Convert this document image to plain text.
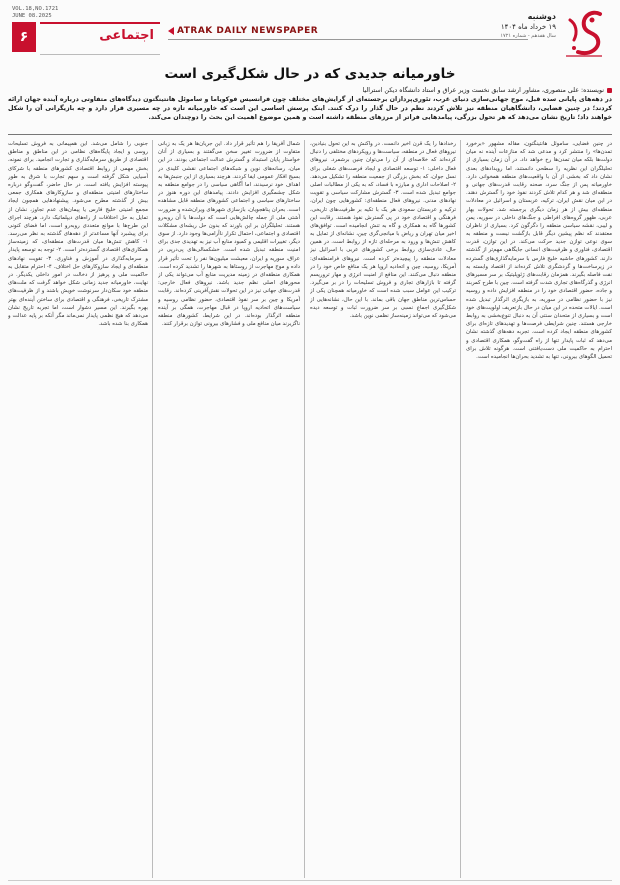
VOL.18,NO.1721
JUNE 08.2025
۶	اجتماعی	ATRAK DAILY NEWSPAPER
دوشنبه
۱۹ خرداد ماه ۱۴۰۴
سال هفدهم - شماره ۱۷۲۱
خاورمیانه جدیدی که در حال شکل‌گیری است
نویسنده: علی منصوری، مشاور ارشد سابق نخست وزیر عراق و استاد دانشگاه دیکن استرالیا
در دهه‌های پایانی سده قبل، موج جهانی‌سازی دنیای غرب، تئوری‌پردازان برجسته‌ای از گرایش‌های مختلف چون فرانسیس فوکویاما و ساموئل هانتینگتون دیدگاه‌های متفاوتی درباره آینده جهان ارائه کردند؛ در چنین فضایی، دانشگاهیان منطقه نیز تلاش کردند نظم در حال گذار را درک کنند. اینک پرسش اساسی این است که خاورمیانه تازه در چه مسیری قرار دارد و چه بازیگرانی آن را شکل خواهند داد؛ تاریخ نشان می‌دهد که هر تحول بزرگی، پیامدهایی فراتر از مرزهای منطقه داشته است و همین موضوع اهمیت این بحث را دوچندان می‌کند.

در چنین فضایی، ساموئل هانتینگتون، مقاله مشهور «برخورد تمدن‌ها» را منتشر کرد و مدعی شد که منازعات آینده نه میان دولت‌ها بلکه میان تمدن‌ها رخ خواهد داد. در آن زمان بسیاری از تحلیلگران این نظریه را سطحی دانستند، اما رویدادهای بعدی نشان داد که بخشی از آن با واقعیت‌های منطقه همخوانی دارد. خاورمیانه پس از جنگ سرد، صحنه رقابت قدرت‌های جهانی و منطقه‌ای شد و هر کدام تلاش کردند نفوذ خود را گسترش دهند. در این میان نقش ایران، ترکیه، عربستان و اسرائیل در معادلات منطقه‌ای بیش از هر زمان دیگری برجسته شد. تحولات بهار عربی، ظهور گروه‌های افراطی و جنگ‌های داخلی در سوریه، یمن و لیبی، نقشه سیاسی منطقه را دگرگون کرد. بسیاری از ناظران معتقدند که نظم پیشین دیگر قابل بازگشت نیست و منطقه به سوی نوعی توازن جدید حرکت می‌کند. در این توازن، قدرت اقتصادی، فناوری و ظرفیت‌های انسانی جایگاهی مهم‌تر از گذشته دارند. کشورهای حاشیه خلیج فارس با سرمایه‌گذاری‌های گسترده در زیرساخت‌ها و گردشگری تلاش کرده‌اند از اقتصاد وابسته به نفت فاصله بگیرند. همزمان رقابت‌های ژئوپلیتیک بر سر مسیرهای انرژی و گذرگاه‌های تجاری شدت گرفته است. چین با طرح کمربند و جاده، حضور اقتصادی خود را در منطقه افزایش داده و روسیه نیز با حضور نظامی در سوریه، به بازیگری اثرگذار تبدیل شده است. ایالات متحده در این میان در حال بازتعریف اولویت‌های خود است و بسیاری از متحدان سنتی آن به دنبال تنوع‌بخشی به روابط خارجی هستند. چنین شرایطی فرصت‌ها و تهدیدهای تازه‌ای برای کشورهای منطقه ایجاد کرده است. تجربه دهه‌های گذشته نشان می‌دهد که ثبات پایدار تنها از راه گفت‌وگو، همکاری اقتصادی و احترام به حاکمیت ملی دست‌یافتنی است. هرگونه تلاش برای تحمیل الگوهای بیرونی، تنها به تشدید بحران‌ها انجامیده است.

رخدادها را یک قرن اخیر دانست. در واکنش به این تحول بنیادین، نیروهای فعال در منطقه، سیاست‌ها و رویکردهای مختلفی را دنبال کرده‌اند که خلاصه‌ای از آن را می‌توان چنین برشمرد. نیروهای فعال داخلی: ۱- توسعه اقتصادی و ایجاد فرصت‌های شغلی برای نسل جوان، که بخش بزرگی از جمعیت منطقه را تشکیل می‌دهد. ۲- اصلاحات اداری و مبارزه با فساد، که به یکی از مطالبات اصلی جوامع تبدیل شده است. ۳- گسترش مشارکت سیاسی و تقویت نهادهای مدنی. نیروهای فعال منطقه‌ای: کشورهایی چون ایران، ترکیه و عربستان سعودی هر یک با تکیه بر ظرفیت‌های تاریخی، فرهنگی و اقتصادی خود در پی گسترش نفوذ هستند. رقابت این کشورها گاه به همکاری و گاه به تنش انجامیده است. توافق‌های اخیر میان تهران و ریاض با میانجی‌گری چین، نشانه‌ای از تمایل به کاهش تنش‌ها و ورود به مرحله‌ای تازه از روابط است. در همین حال، عادی‌سازی روابط برخی کشورهای عربی با اسرائیل نیز معادلات منطقه را پیچیده‌تر کرده است. نیروهای فرامنطقه‌ای: آمریکا، روسیه، چین و اتحادیه اروپا هر یک منافع خاص خود را در منطقه دنبال می‌کنند. این منافع از امنیت انرژی و مهار تروریسم گرفته تا بازارهای تجاری و فروش تسلیحات را در بر می‌گیرد. ترکیب این عوامل سبب شده است که خاورمیانه همچنان یکی از حساس‌ترین مناطق جهان باقی بماند. با این حال، نشانه‌هایی از شکل‌گیری اجماع نسبی بر سر ضرورت ثبات و توسعه دیده می‌شود که می‌تواند زمینه‌ساز نظمی نوین باشد.

شمال آفریقا را هم تأثیر قرار داد. این جریان‌ها هر یک به زبانی متفاوت از ضرورت تغییر سخن می‌گفتند و بسیاری از آنان خواستار پایان استبداد و گسترش عدالت اجتماعی بودند. در این میان، رسانه‌های نوین و شبکه‌های اجتماعی نقشی کلیدی در بسیج افکار عمومی ایفا کردند. هرچند بسیاری از این جنبش‌ها به اهداف خود نرسیدند، اما آگاهی سیاسی را در جوامع منطقه به شکل چشمگیری افزایش دادند. پیامدهای این دوره هنوز در ساختارهای سیاسی و اجتماعی کشورهای منطقه قابل مشاهده است. بحران پناهجویان، بازسازی شهرهای ویران‌شده و ضرورت آشتی ملی از جمله چالش‌هایی است که دولت‌ها با آن روبه‌رو هستند. تحلیلگران بر این باورند که بدون حل ریشه‌ای مشکلات اقتصادی و اجتماعی، احتمال تکرار ناآرامی‌ها وجود دارد. از سوی دیگر، تغییرات اقلیمی و کمبود منابع آب نیز به تهدیدی جدی برای امنیت منطقه تبدیل شده است. خشکسالی‌های پی‌درپی در عراق، سوریه و ایران، معیشت میلیون‌ها نفر را تحت تأثیر قرار داده و موج مهاجرت از روستاها به شهرها را تشدید کرده است. همکاری منطقه‌ای در زمینه مدیریت منابع آب می‌تواند یکی از محورهای اصلی نظم جدید باشد. نیروهای فعال خارجی: قدرت‌های جهانی نیز در این تحولات نقش‌آفرینی کرده‌اند. رقابت آمریکا و چین بر سر نفوذ اقتصادی، حضور نظامی روسیه و سیاست‌های اتحادیه اروپا در قبال مهاجرت، همگی بر آینده منطقه اثرگذار بوده‌اند. در این شرایط، کشورهای منطقه ناگزیرند میان منافع ملی و فشارهای بیرونی توازن برقرار کنند.

جنوبی را شامل می‌شد. این همپیمانی به فروش تسلیحات روسی و ایجاد پایگاه‌های نظامی در این مناطق و مناطق اقتصادی از طریق سرمایه‌گذاری و تجارت انجامید. برای نمونه، بخش مهمی از روابط اقتصادی کشورهای منطقه با شرکای آسیایی شکل گرفته است و سهم تجارت با شرق به طور پیوسته افزایش یافته است. در حال حاضر، گفت‌وگو درباره ساختارهای امنیتی منطقه‌ای و سازوکارهای همکاری جمعی بیش از گذشته مطرح می‌شود. پیشنهادهایی همچون ایجاد مجمع امنیتی خلیج فارس یا پیمان‌های عدم تجاوز، نشان از تمایل به حل اختلافات از راه‌های دیپلماتیک دارد. هرچند اجرای این طرح‌ها با موانع متعددی روبه‌رو است، اما فضای کنونی برای پیشبرد آنها مساعدتر از دهه‌های گذشته به نظر می‌رسد. ۱- کاهش تنش‌ها میان قدرت‌های منطقه‌ای، که زمینه‌ساز همکاری‌های اقتصادی گسترده‌تر است. ۲- توجه به توسعه پایدار و سرمایه‌گذاری در آموزش و فناوری. ۳- تقویت نهادهای منطقه‌ای و ایجاد سازوکارهای حل اختلاف. ۴- احترام متقابل به حاکمیت ملی و پرهیز از دخالت در امور داخلی یکدیگر. در نهایت، خاورمیانه جدید زمانی شکل خواهد گرفت که ملت‌های منطقه خود سکان‌دار سرنوشت خویش باشند و از ظرفیت‌های مشترک تاریخی، فرهنگی و اقتصادی برای ساختن آینده‌ای بهتر بهره بگیرند. این مسیر دشوار است، اما تجربه تاریخ نشان می‌دهد که هیچ نظمی پایدار نمی‌ماند مگر آنکه بر پایه عدالت و همکاری بنا شده باشد.
